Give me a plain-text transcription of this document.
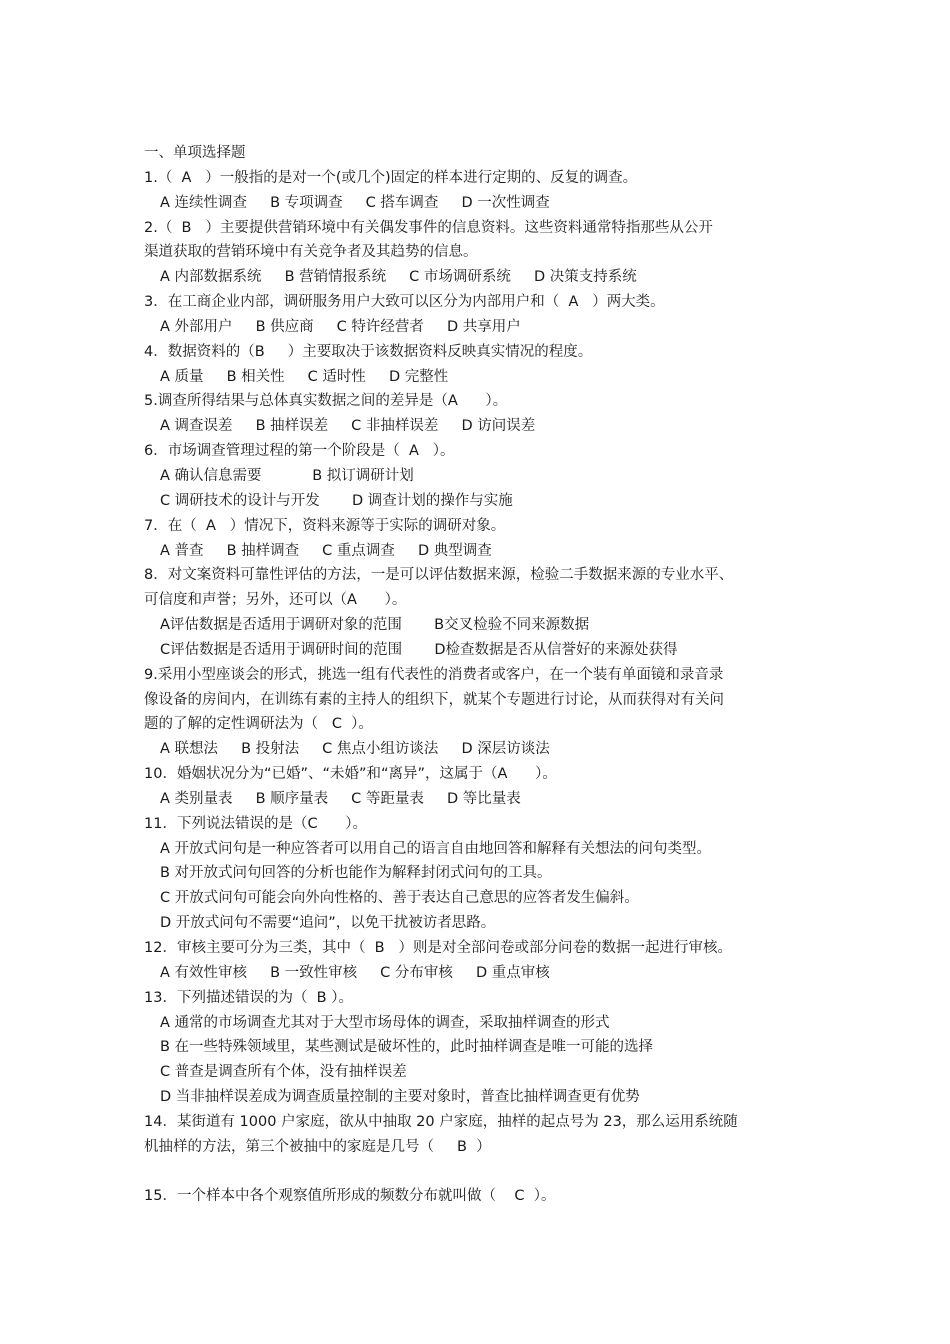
一、单项选择题
1.（  A   ）一般指的是对一个(或几个)固定的样本进行定期的、反复的调查。
A 连续性调查     B 专项调查     C 搭车调查     D 一次性调查
2.（  B   ）主要提供营销环境中有关偶发事件的信息资料。这些资料通常特指那些从公开
渠道获取的营销环境中有关竞争者及其趋势的信息。
A 内部数据系统     B 营销情报系统     C 市场调研系统     D 决策支持系统
3．在工商企业内部，调研服务用户大致可以区分为内部用户和（  A   ）两大类。
A 外部用户     B 供应商     C 特许经营者     D 共享用户
4．数据资料的（B     ）主要取决于该数据资料反映真实情况的程度。
A 质量     B 相关性     C 适时性     D 完整性
5.调查所得结果与总体真实数据之间的差异是（A      ）。
A 调查误差     B 抽样误差     C 非抽样误差     D 访问误差
6．市场调查管理过程的第一个阶段是（  A   ）。
A 确认信息需要           B 拟订调研计划
C 调研技术的设计与开发       D 调查计划的操作与实施
7．在（  A   ）情况下，资料来源等于实际的调研对象。
A 普查     B 抽样调查     C 重点调查     D 典型调查
8．对文案资料可靠性评估的方法，一是可以评估数据来源，检验二手数据来源的专业水平、
可信度和声誉；另外，还可以（A      ）。
A评估数据是否适用于调研对象的范围       B交叉检验不同来源数据
C评估数据是否适用于调研时间的范围       D检查数据是否从信誉好的来源处获得
9.采用小型座谈会的形式，挑选一组有代表性的消费者或客户，在一个装有单面镜和录音录
像设备的房间内，在训练有素的主持人的组织下，就某个专题进行讨论，从而获得对有关问
题的了解的定性调研法为（   C  ）。
A 联想法     B 投射法     C 焦点小组访谈法     D 深层访谈法
10．婚姻状况分为“已婚”、“未婚”和“离异”，这属于（A      ）。
A 类别量表     B 顺序量表     C 等距量表     D 等比量表
11．下列说法错误的是（C      ）。
A 开放式问句是一种应答者可以用自己的语言自由地回答和解释有关想法的问句类型。
B 对开放式问句回答的分析也能作为解释封闭式问句的工具。
C 开放式问句可能会向外向性格的、善于表达自己意思的应答者发生偏斜。
D 开放式问句不需要“追问”，以免干扰被访者思路。
12．审核主要可分为三类，其中（  B   ）则是对全部问卷或部分问卷的数据一起进行审核。
A 有效性审核     B 一致性审核     C 分布审核     D 重点审核
13．下列描述错误的为（  B ）。
A 通常的市场调查尤其对于大型市场母体的调查，采取抽样调查的形式
B 在一些特殊领域里，某些测试是破坏性的，此时抽样调查是唯一可能的选择
C 普查是调查所有个体，没有抽样误差
D 当非抽样误差成为调查质量控制的主要对象时，普查比抽样调查更有优势
14．某街道有 1000 户家庭，欲从中抽取 20 户家庭，抽样的起点号为 23，那么运用系统随
机抽样的方法，第三个被抽中的家庭是几号（     B  ）
15．一个样本中各个观察值所形成的频数分布就叫做（    C  ）。
